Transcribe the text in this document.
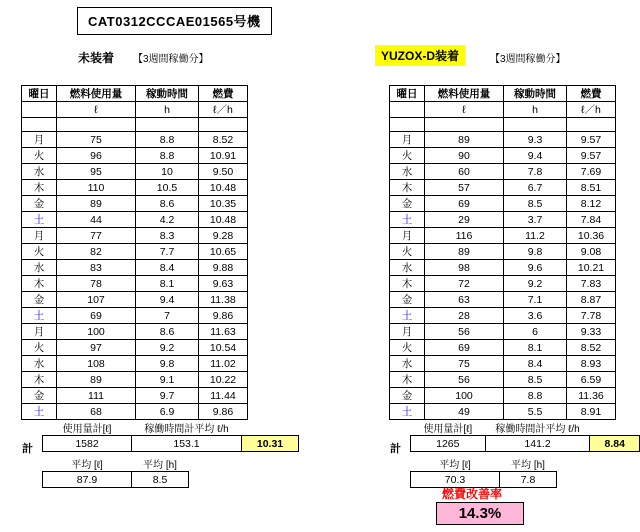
CAT0312CCCAE01565号機
未装着	【3週間稼働分】
曜日	燃料使用量	稼動時間	燃費
	ℓ	h	ℓ／h

月	75	8.8	8.52
火	96	8.8	10.91
水	95	10	9.50
木	110	10.5	10.48
金	89	8.6	10.35
土	44	4.2	10.48
月	77	8.3	9.28
火	82	7.7	10.65
水	83	8.4	9.88
木	78	8.1	9.63
金	107	9.4	11.38
土	69	7	9.86
月	100	8.6	11.63
火	97	9.2	10.54
水	108	9.8	11.02
木	89	9.1	10.22
金	111	9.7	11.44
土	68	6.9	9.86
計
使用量計[ℓ]	稼働時間計平均 ℓ/h	
1582	153.1	10.31
平均 [ℓ]	平均 [h]
87.9	8.5
YUZOX-D装着	【3週間稼働分】
曜日	燃料使用量	稼動時間	燃費
	ℓ	h	ℓ／h

月	89	9.3	9.57
火	90	9.4	9.57
水	60	7.8	7.69
木	57	6.7	8.51
金	69	8.5	8.12
土	29	3.7	7.84
月	116	11.2	10.36
火	89	9.8	9.08
水	98	9.6	10.21
木	72	9.2	7.83
金	63	7.1	8.87
土	28	3.6	7.78
月	56	6	9.33
火	69	8.1	8.52
水	75	8.4	8.93
木	56	8.5	6.59
金	100	8.8	11.36
土	49	5.5	8.91
計
使用量計[ℓ]	稼働時間計平均 ℓ/h	
1265	141.2	8.84
平均 [ℓ]	平均 [h]
70.3	7.8
燃費改善率
14.3%
